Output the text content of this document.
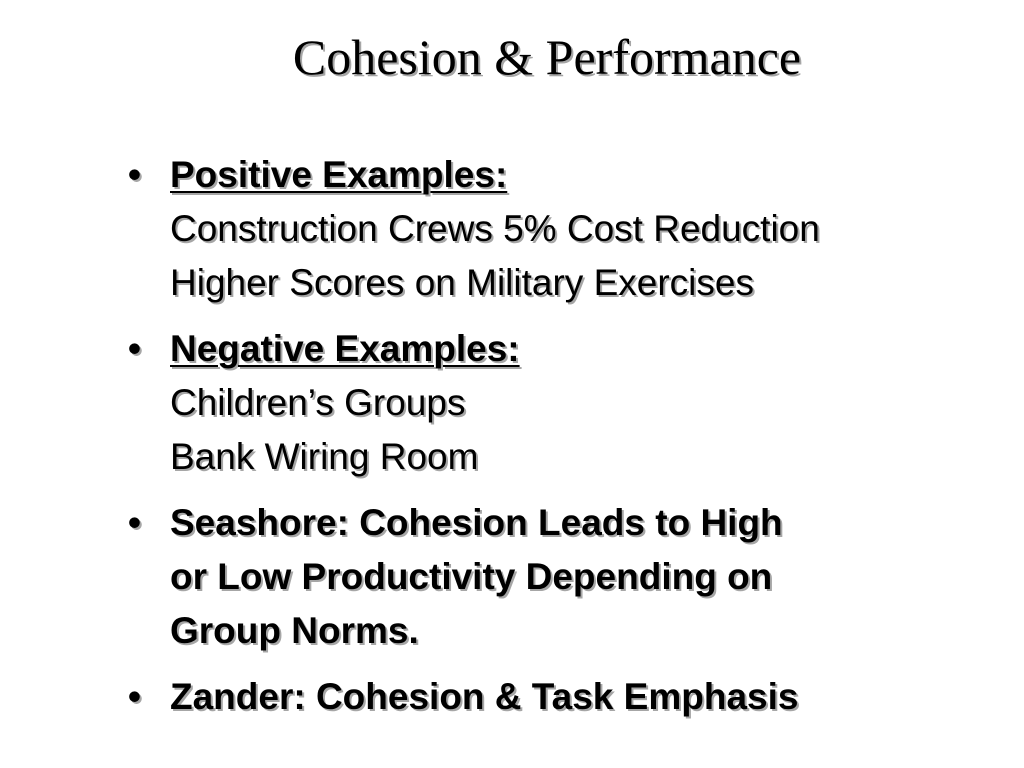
Cohesion & Performance
• Positive Examples:
Construction Crews 5% Cost Reduction
Higher Scores on Military Exercises
• Negative Examples:
Children’s Groups
Bank Wiring Room
• Seashore: Cohesion Leads to High
or Low Productivity Depending on
Group Norms.
• Zander: Cohesion & Task Emphasis
